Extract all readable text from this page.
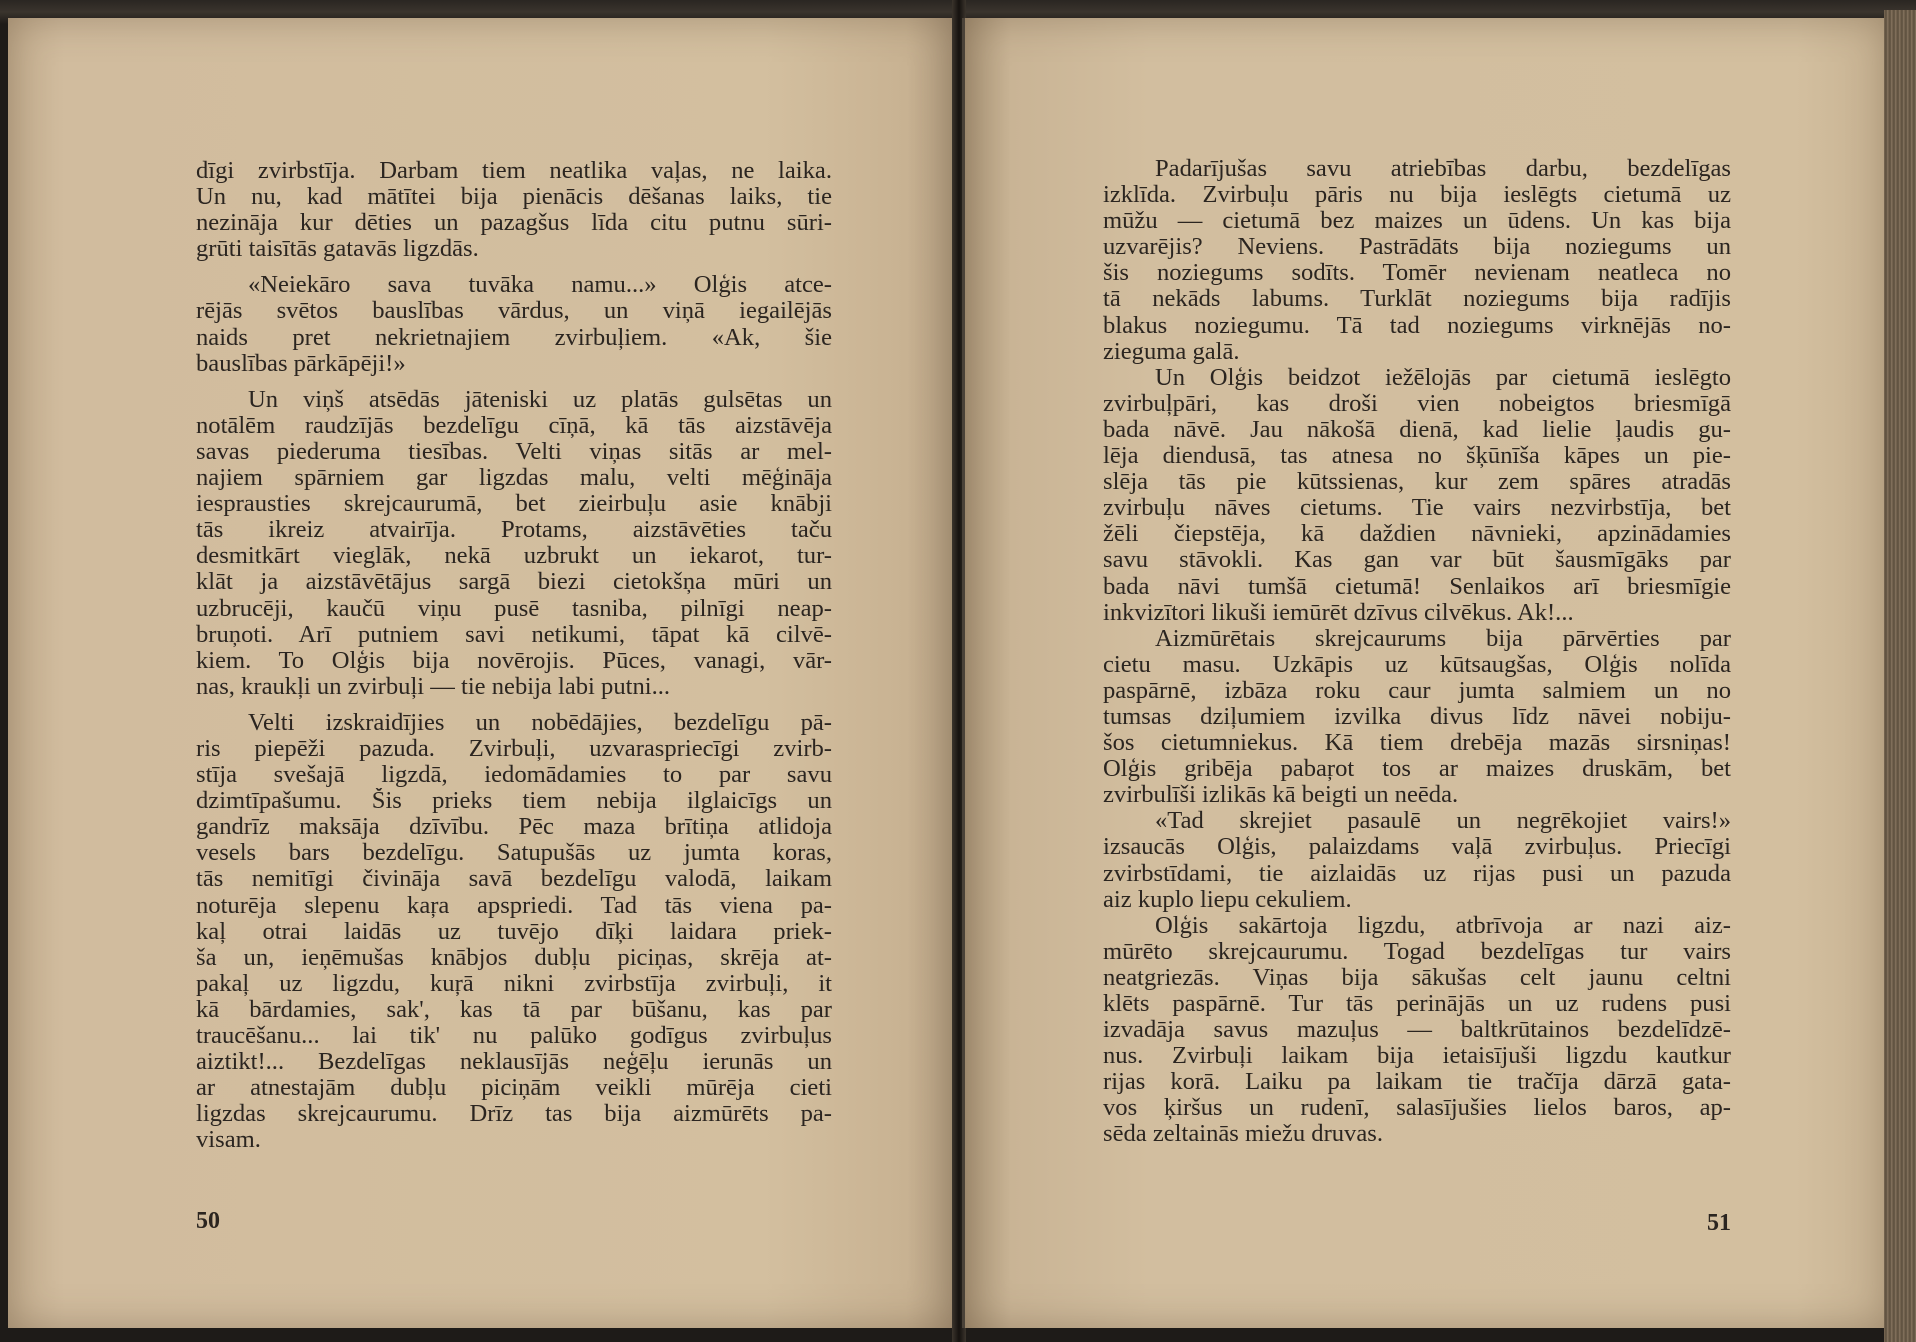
dīgi zvirbstīja. Darbam tiem neatlika vaļas, ne laika.
Un nu, kad mātītei bija pienācis dēšanas laiks, tie
nezināja kur dēties un pazagšus līda citu putnu sūri-
grūti taisītās gatavās ligzdās.
«Neiekāro sava tuvāka namu...» Olģis atce-
rējās svētos bauslības vārdus, un viņā iegailējās
naids pret nekrietnajiem zvirbuļiem. «Ak, šie
bauslības pārkāpēji!»
Un viņš atsēdās jāteniski uz platās gulsētas un
notālēm raudzījās bezdelīgu cīņā, kā tās aizstāvēja
savas piederuma tiesības. Velti viņas sitās ar mel-
najiem spārniem gar ligzdas malu, velti mēģināja
iesprausties skrejcaurumā, bet zieirbuļu asie knābji
tās ikreiz atvairīja. Protams, aizstāvēties taču
desmitkārt vieglāk, nekā uzbrukt un iekarot, tur-
klāt ja aizstāvētājus sargā biezi cietokšņa mūri un
uzbrucēji, kaučū viņu pusē tasniba, pilnīgi neap-
bruņoti. Arī putniem savi netikumi, tāpat kā cilvē-
kiem. To Olģis bija novērojis. Pūces, vanagi, vār-
nas, kraukļi un zvirbuļi — tie nebija labi putni...
Velti izskraidījies un nobēdājies, bezdelīgu pā-
ris piepēži pazuda. Zvirbuļi, uzvaraspriecīgi zvirb-
stīja svešajā ligzdā, iedomādamies to par savu
dzimtīpašumu. Šis prieks tiem nebija ilglaicīgs un
gandrīz maksāja dzīvību. Pēc maza brītiņa atlidoja
vesels bars bezdelīgu. Satupušās uz jumta koras,
tās nemitīgi čivināja savā bezdelīgu valodā, laikam
noturēja slepenu kaŗa apspriedi. Tad tās viena pa-
kaļ otrai laidās uz tuvējo dīķi laidara priek-
ša un, ieņēmušas knābjos dubļu piciņas, skrēja at-
pakaļ uz ligzdu, kuŗā nikni zvirbstīja zvirbuļi, it
kā bārdamies, sak', kas tā par būšanu, kas par
traucēšanu... lai tik' nu palūko godīgus zvirbuļus
aiztikt!... Bezdelīgas neklausījās neģēļu ierunās un
ar atnestajām dubļu piciņām veikli mūrēja cieti
ligzdas skrejcaurumu. Drīz tas bija aizmūrēts pa-
visam.
50
Padarījušas savu atriebības darbu, bezdelīgas
izklīda. Zvirbuļu pāris nu bija ieslēgts cietumā uz
mūžu — cietumā bez maizes un ūdens. Un kas bija
uzvarējis? Neviens. Pastrādāts bija noziegums un
šis noziegums sodīts. Tomēr nevienam neatleca no
tā nekāds labums. Turklāt noziegums bija radījis
blakus noziegumu. Tā tad noziegums virknējās no-
zieguma galā.
Un Olģis beidzot iežēlojās par cietumā ieslēgto
zvirbuļpāri, kas droši vien nobeigtos briesmīgā
bada nāvē. Jau nākošā dienā, kad lielie ļaudis gu-
lēja diendusā, tas atnesa no šķūnīša kāpes un pie-
slēja tās pie kūtssienas, kur zem spāres atradās
zvirbuļu nāves cietums. Tie vairs nezvirbstīja, bet
žēli čiepstēja, kā daždien nāvnieki, apzinādamies
savu stāvokli. Kas gan var būt šausmīgāks par
bada nāvi tumšā cietumā! Senlaikos arī briesmīgie
inkvizītori likuši iemūrēt dzīvus cilvēkus. Ak!...
Aizmūrētais skrejcaurums bija pārvērties par
cietu masu. Uzkāpis uz kūtsaugšas, Olģis nolīda
paspārnē, izbāza roku caur jumta salmiem un no
tumsas dziļumiem izvilka divus līdz nāvei nobiju-
šos cietumniekus. Kā tiem drebēja mazās sirsniņas!
Olģis gribēja pabaŗot tos ar maizes druskām, bet
zvirbulīši izlikās kā beigti un neēda.
«Tad skrejiet pasaulē un negrēkojiet vairs!»
izsaucās Olģis, palaizdams vaļā zvirbuļus. Priecīgi
zvirbstīdami, tie aizlaidās uz rijas pusi un pazuda
aiz kuplo liepu cekuliem.
Olģis sakārtoja ligzdu, atbrīvoja ar nazi aiz-
mūrēto skrejcaurumu. Togad bezdelīgas tur vairs
neatgriezās. Viņas bija sākušas celt jaunu celtni
klēts paspārnē. Tur tās perinājās un uz rudens pusi
izvadāja savus mazuļus — baltkrūtainos bezdelīdzē-
nus. Zvirbuļi laikam bija ietaisījuši ligzdu kautkur
rijas korā. Laiku pa laikam tie tračīja dārzā gata-
vos ķiršus un rudenī, salasījušies lielos baros, ap-
sēda zeltainās miežu druvas.
51
